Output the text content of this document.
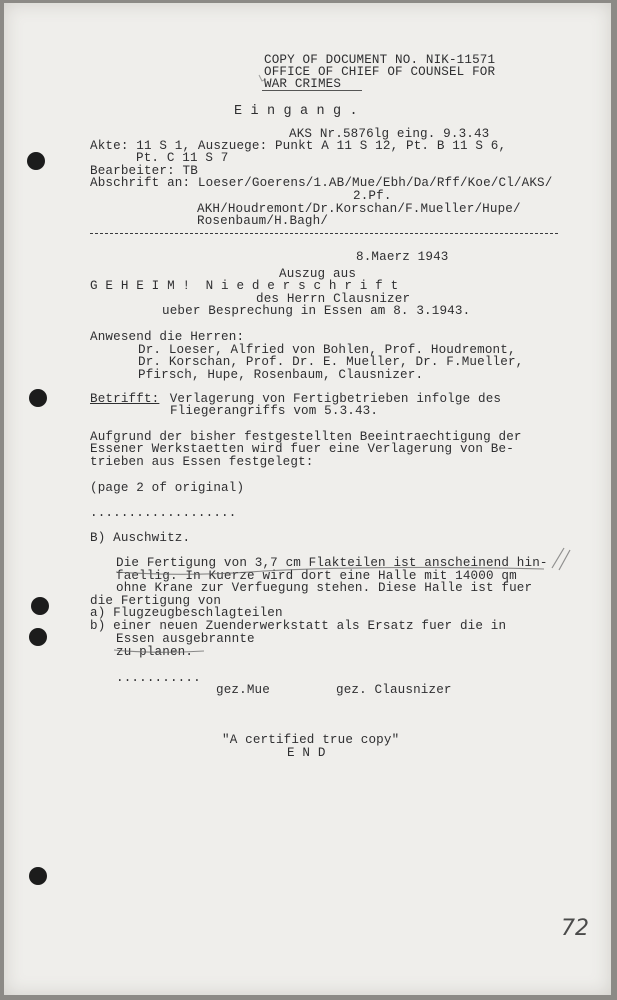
COPY OF DOCUMENT NO. NIK-11571
OFFICE OF CHIEF OF COUNSEL FOR
WAR CRIMES
E i n g a n g .
AKS Nr.5876lg eing. 9.3.43
Akte: 11 S 1, Auszuege: Punkt A 11 S 12, Pt. B 11 S 6,
Pt. C 11 S 7
Bearbeiter: TB
Abschrift an: Loeser/Goerens/1.AB/Mue/Ebh/Da/Rff/Koe/Cl/AKS/
2.Pf.
AKH/Houdremont/Dr.Korschan/F.Mueller/Hupe/
Rosenbaum/H.Bagh/
8.Maerz 1943
Auszug aus
G E H E I M !  N i e d e r s c h r i f t
des Herrn Clausnizer
ueber Besprechung in Essen am 8. 3.1943.
Anwesend die Herren:
Dr. Loeser, Alfried von Bohlen, Prof. Houdremont,
Dr. Korschan, Prof. Dr. E. Mueller, Dr. F.Mueller,
Pfirsch, Hupe, Rosenbaum, Clausnizer.
Betrifft: Verlagerung von Fertigbetrieben infolge des
Fliegerangriffs vom 5.3.43.
Aufgrund der bisher festgestellten Beeintraechtigung der
Essener Werkstaetten wird fuer eine Verlagerung von Be-
trieben aus Essen festgelegt:
(page 2 of original)
...................
B) Auschwitz.
Die Fertigung von 3,7 cm Flakteilen ist anscheinend hin-
faellig. In Kuerze wird dort eine Halle mit 14000 qm
ohne Krane zur Verfuegung stehen. Diese Halle ist fuer
die Fertigung von
a) Flugzeugbeschlagteilen
b) einer neuen Zuenderwerkstatt als Ersatz fuer die in
Essen ausgebrannte
zu planen.
...........
gez.Mue	gez. Clausnizer
"A certified true copy"
E N D
72
